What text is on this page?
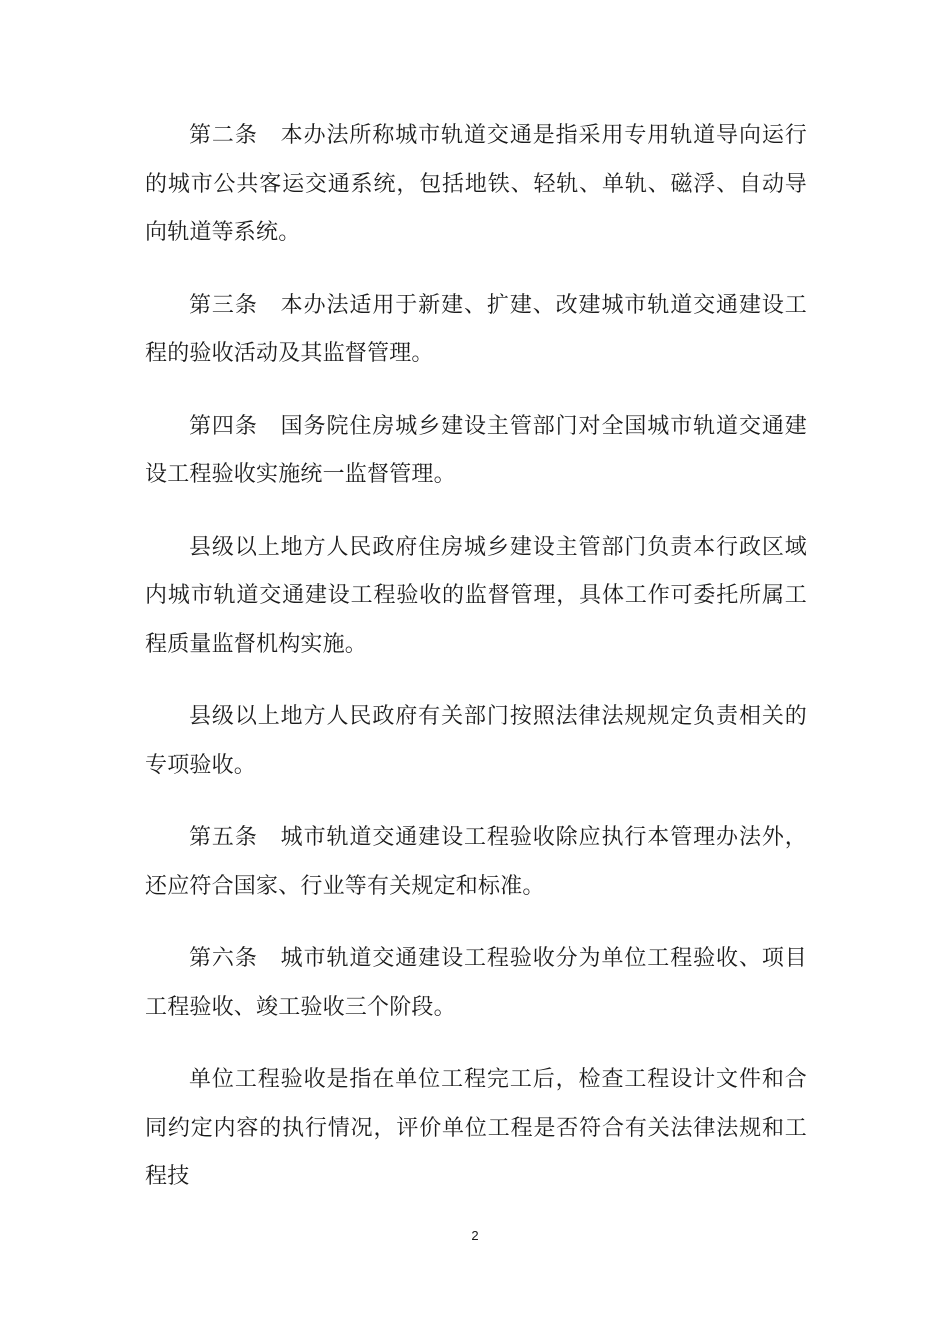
第二条　本办法所称城市轨道交通是指采用专用轨道导向运行的城市公共客运交通系统，包括地铁、轻轨、单轨、磁浮、自动导向轨道等系统。

第三条　本办法适用于新建、扩建、改建城市轨道交通建设工程的验收活动及其监督管理。

第四条　国务院住房城乡建设主管部门对全国城市轨道交通建设工程验收实施统一监督管理。

县级以上地方人民政府住房城乡建设主管部门负责本行政区域内城市轨道交通建设工程验收的监督管理，具体工作可委托所属工程质量监督机构实施。

县级以上地方人民政府有关部门按照法律法规规定负责相关的专项验收。

第五条　城市轨道交通建设工程验收除应执行本管理办法外，还应符合国家、行业等有关规定和标准。

第六条　城市轨道交通建设工程验收分为单位工程验收、项目工程验收、竣工验收三个阶段。

单位工程验收是指在单位工程完工后，检查工程设计文件和合同约定内容的执行情况，评价单位工程是否符合有关法律法规和工程技

2
